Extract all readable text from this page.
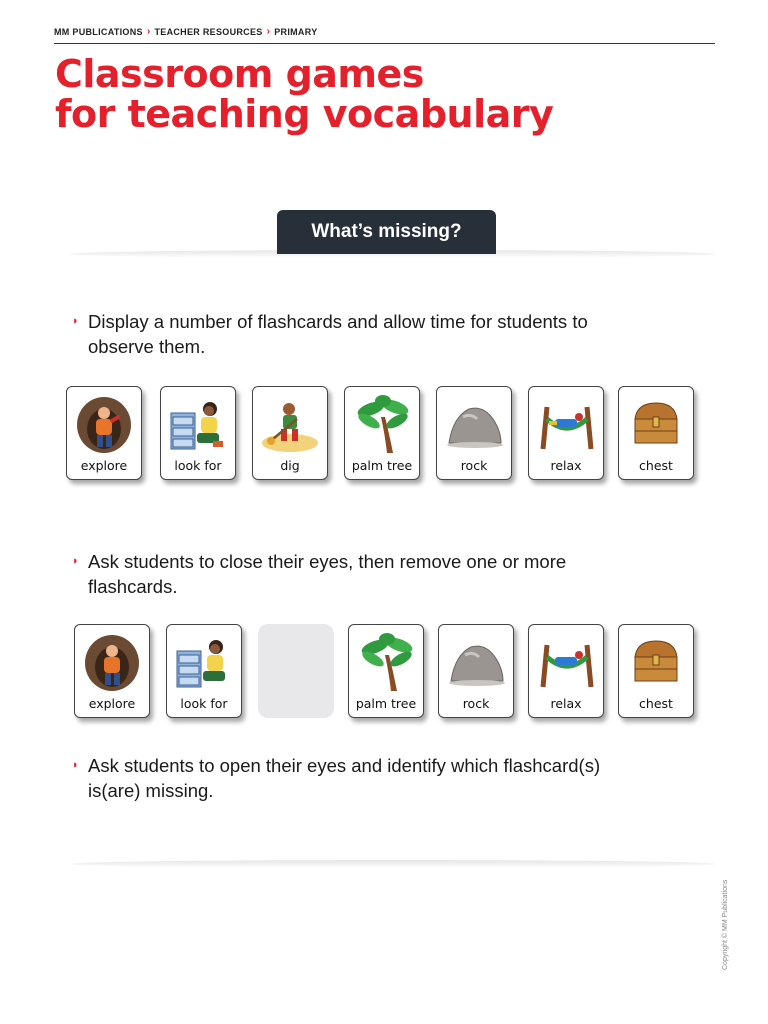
MM PUBLICATIONS › TEACHER RESOURCES › PRIMARY
Classroom games
for teaching vocabulary
What’s missing?
◗ Display a number of flashcards and allow time for students to
observe them.
explore	look for	dig	palm tree	rock	relax	chest
◗ Ask students to close their eyes, then remove one or more
flashcards.
explore	look for	palm tree	rock	relax	chest
◗ Ask students to open their eyes and identify which flashcard(s)
is(are) missing.
Copyright © MM Publications
